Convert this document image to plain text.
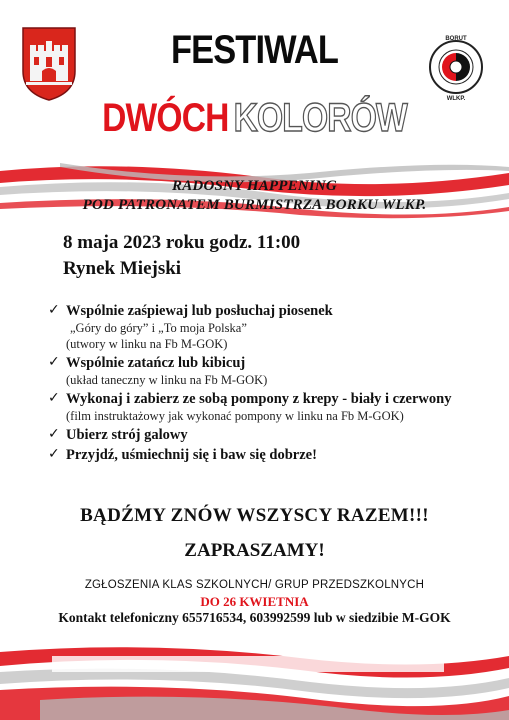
BORUT
WLKP.
FESTIWAL
DWÓCH KOLORÓW
RADOSNY HAPPENING
POD PATRONATEM BURMISTRZA BORKU WLKP.
8 maja 2023 roku godz. 11:00
Rynek Miejski
✓ Wspólnie zaśpiewaj lub posłuchaj piosenek
„Góry do góry” i „To moja Polska”
(utwory w linku na Fb M-GOK)
✓ Wspólnie zatańcz lub kibicuj
(układ taneczny w linku na Fb M-GOK)
✓ Wykonaj i zabierz ze sobą pompony z krepy - biały i czerwony
(film instruktażowy jak wykonać pompony w linku na Fb M-GOK)
✓ Ubierz strój galowy
✓ Przyjdź, uśmiechnij się i baw się dobrze!
BĄDŹMY ZNÓW WSZYSCY RAZEM!!!
ZAPRASZAMY!
ZGŁOSZENIA KLAS SZKOLNYCH/ GRUP PRZEDSZKOLNYCH
DO 26 KWIETNIA
Kontakt telefoniczny 655716534, 603992599 lub w siedzibie M-GOK
